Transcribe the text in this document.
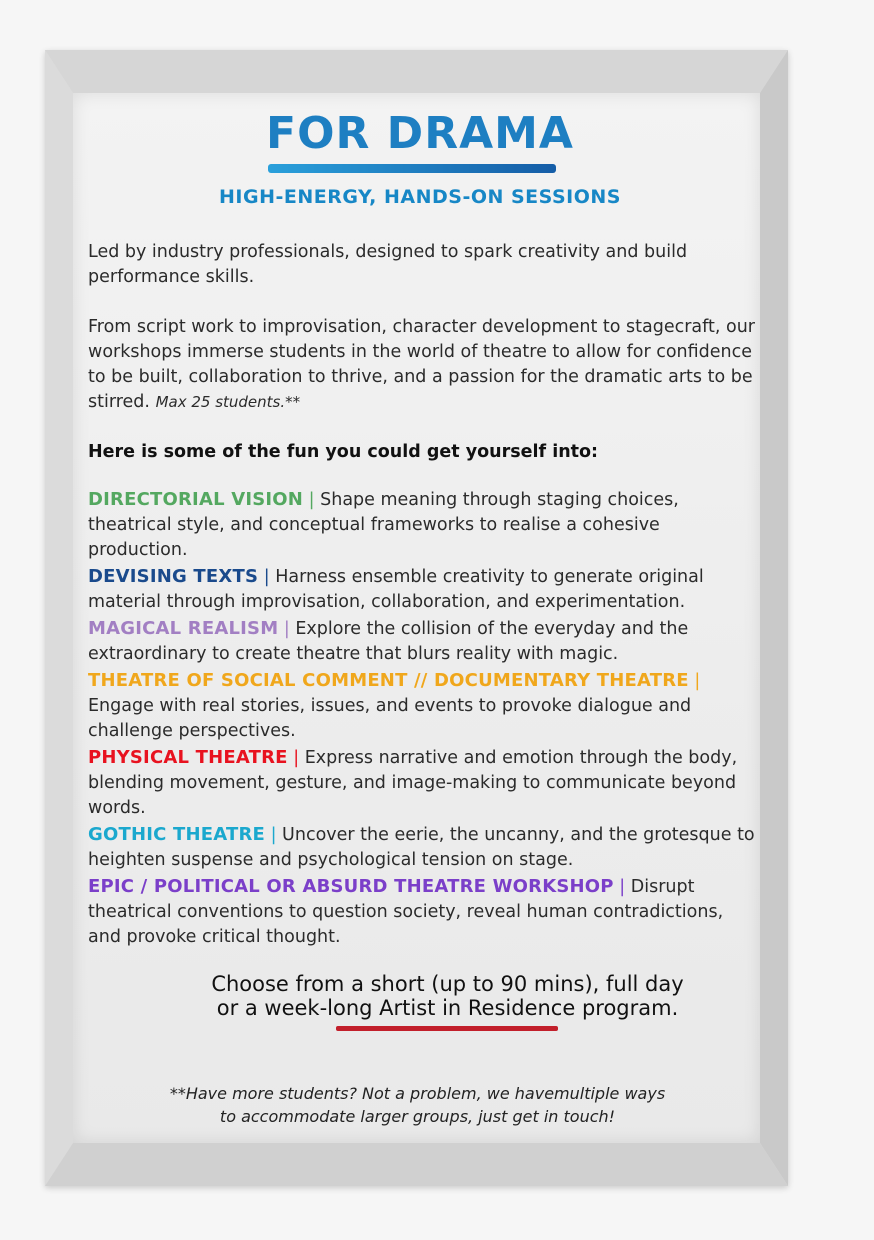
FOR DRAMA
HIGH-ENERGY, HANDS-ON SESSIONS

Led by industry professionals, designed to spark creativity and build performance skills.

From script work to improvisation, character development to stagecraft, our workshops immerse students in the world of theatre to allow for confidence to be built, collaboration to thrive, and a passion for the dramatic arts to be stirred. Max 25 students.**

Here is some of the fun you could get yourself into:

DIRECTORIAL VISION | Shape meaning through staging choices, theatrical style, and conceptual frameworks to realise a cohesive production.

DEVISING TEXTS | Harness ensemble creativity to generate original material through improvisation, collaboration, and experimentation.

MAGICAL REALISM | Explore the collision of the everyday and the extraordinary to create theatre that blurs reality with magic.

THEATRE OF SOCIAL COMMENT // DOCUMENTARY THEATRE | Engage with real stories, issues, and events to provoke dialogue and challenge perspectives.

PHYSICAL THEATRE | Express narrative and emotion through the body, blending movement, gesture, and image-making to communicate beyond words.

GOTHIC THEATRE | Uncover the eerie, the uncanny, and the grotesque to heighten suspense and psychological tension on stage.

EPIC / POLITICAL OR ABSURD THEATRE WORKSHOP | Disrupt theatrical conventions to question society, reveal human contradictions, and provoke critical thought.

Choose from a short (up to 90 mins), full day
or a week-long Artist in Residence program.

**Have more students? Not a problem, we havemultiple ways
to accommodate larger groups, just get in touch!
